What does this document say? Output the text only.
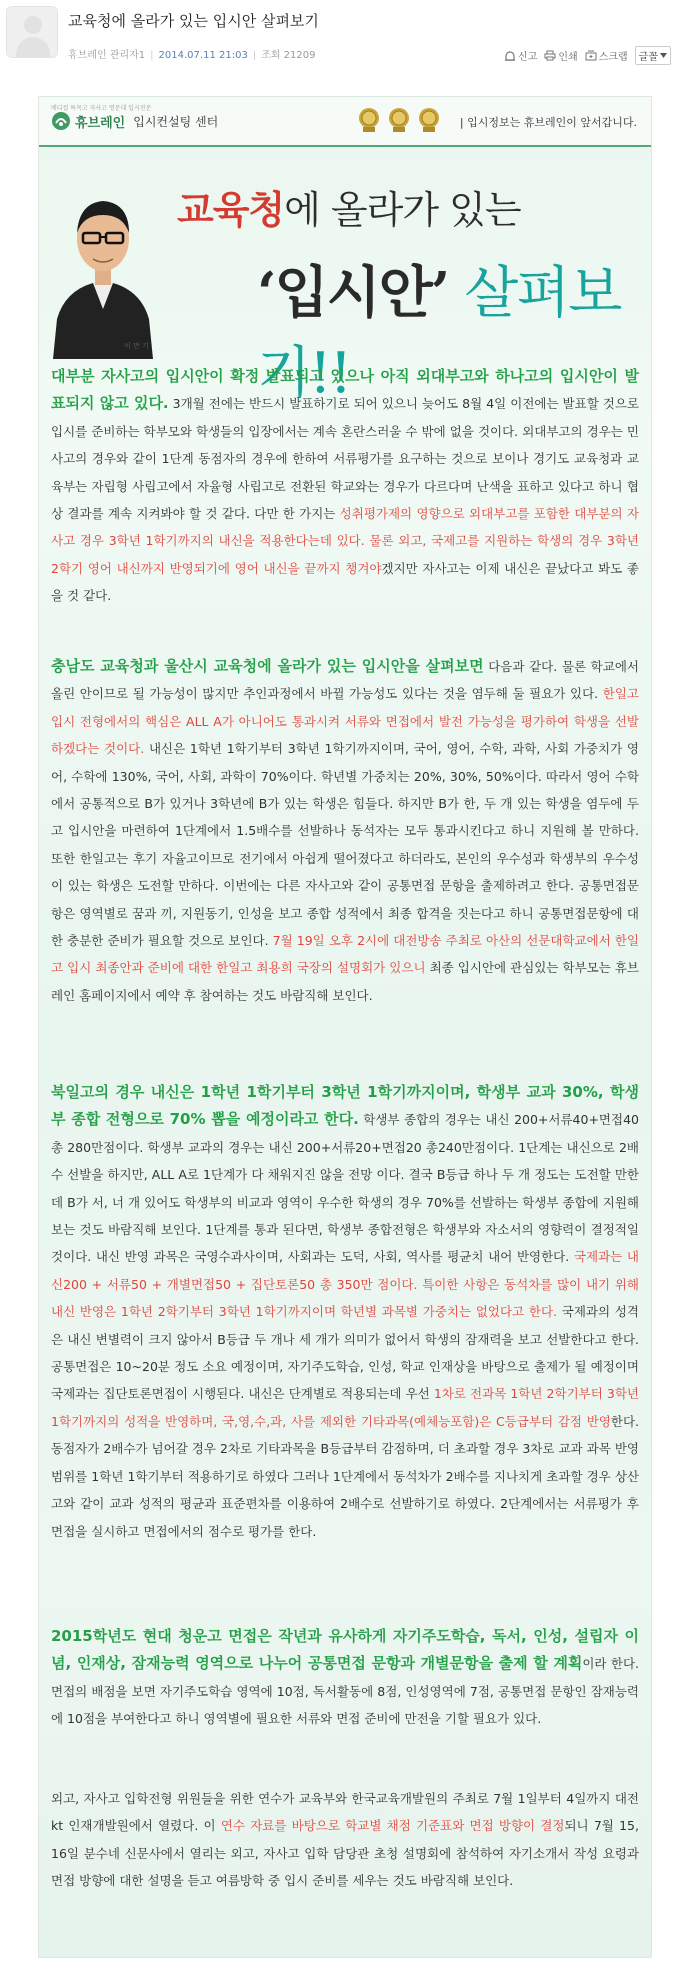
교육청에 올라가 있는 입시안 살펴보기
휴브레인 관리자1 | 2014.07.11 21:03 | 조회 21209	신고 인쇄 스크랩 글꼴
메디컬 특목고 자사고 명문대 입시전문
휴브레인 입시컨설팅 센터	| 입시정보는 휴브레인이 앞서갑니다.
이 만 기
교육청에 올라가 있는
‘입시안’ 살펴보기!!
대부분 자사고의 입시안이 확정 발표되고 있으나 아직 외대부고와 하나고의 입시안이 발표되지 않고 있다. 3개월 전에는 반드시 발표하기로 되어 있으니 늦어도 8월 4일 이전에는 발표할 것으로 입시를 준비하는 학부모와 학생들의 입장에서는 계속 혼란스러울 수 밖에 없을 것이다. 외대부고의 경우는 민사고의 경우와 같이 1단계 동점자의 경우에 한하여 서류평가를 요구하는 것으로 보이나 경기도 교육청과 교육부는 자립형 사립고에서 자율형 사립고로 전환된 학교와는 경우가 다르다며 난색을 표하고 있다고 하니 협상 결과를 계속 지켜봐야 할 것 같다. 다만 한 가지는 성취평가제의 영향으로 외대부고를 포함한 대부분의 자사고 경우 3학년 1학기까지의 내신을 적용한다는데 있다. 물론 외고, 국제고를 지원하는 학생의 경우 3학년 2학기 영어 내신까지 반영되기에 영어 내신을 끝까지 챙겨야겠지만 자사고는 이제 내신은 끝났다고 봐도 좋을 것 같다.
충남도 교육청과 울산시 교육청에 올라가 있는 입시안을 살펴보면 다음과 같다. 물론 학교에서 올린 안이므로 될 가능성이 많지만 추인과정에서 바뀔 가능성도 있다는 것을 염두해 둘 필요가 있다. 한일고 입시 전형에서의 핵심은 ALL A가 아니어도 통과시켜 서류와 면접에서 발전 가능성을 평가하여 학생을 선발하겠다는 것이다. 내신은 1학년 1학기부터 3학년 1학기까지이며, 국어, 영어, 수학, 과학, 사회 가중치가 영어, 수학에 130%, 국어, 사회, 과학이 70%이다. 학년별 가중치는 20%, 30%, 50%이다. 따라서 영어 수학에서 공통적으로 B가 있거나 3학년에 B가 있는 학생은 힘들다. 하지만 B가 한, 두 개 있는 학생을 염두에 두고 입시안을 마련하여 1단계에서 1.5배수를 선발하나 동석자는 모두 통과시킨다고 하니 지원해 볼 만하다. 또한 한일고는 후기 자율고이므로 전기에서 아쉽게 떨어졌다고 하더라도, 본인의 우수성과 학생부의 우수성이 있는 학생은 도전할 만하다. 이번에는 다른 자사고와 같이 공통면접 문항을 출제하려고 한다. 공통면접문항은 영역별로 꿈과 끼, 지원동기, 인성을 보고 종합 성적에서 최종 합격을 짓는다고 하니 공통면접문항에 대한 충분한 준비가 필요할 것으로 보인다. 7월 19일 오후 2시에 대전방송 주최로 아산의 선문대학교에서 한일고 입시 최종안과 준비에 대한 한일고 최용희 국장의 설명회가 있으니 최종 입시안에 관심있는 학부모는 휴브레인 홈페이지에서 예약 후 참여하는 것도 바람직해 보인다.
북일고의 경우 내신은 1학년 1학기부터 3학년 1학기까지이며, 학생부 교과 30%, 학생부 종합 전형으로 70% 뽑을 예정이라고 한다. 학생부 종합의 경우는 내신 200+서류40+면접40 총 280만점이다. 학생부 교과의 경우는 내신 200+서류20+면접20 총240만점이다. 1단계는 내신으로 2배수 선발을 하지만, ALL A로 1단계가 다 채워지진 않을 전망 이다. 결국 B등급 하나 두 개 정도는 도전할 만한데 B가 서, 너 개 있어도 학생부의 비교과 영역이 우수한 학생의 경우 70%를 선발하는 학생부 종합에 지원해 보는 것도 바람직해 보인다. 1단계를 통과 된다면, 학생부 종합전형은 학생부와 자소서의 영향력이 결정적일 것이다. 내신 반영 과목은 국영수과사이며, 사회과는 도덕, 사회, 역사를 평균치 내어 반영한다. 국제과는 내신200 + 서류50 + 개별면접50 + 집단토론50 총 350만 점이다. 특이한 사항은 동석차를 많이 내기 위해 내신 반영은 1학년 2학기부터 3학년 1학기까지이며 학년별 과목별 가중치는 없었다고 한다. 국제과의 성격은 내신 변별력이 크지 않아서 B등급 두 개나 세 개가 의미가 없어서 학생의 잠재력을 보고 선발한다고 한다. 공통면접은 10~20분 정도 소요 예정이며, 자기주도학습, 인성, 학교 인재상을 바탕으로 출제가 될 예정이며 국제과는 집단토론면접이 시행된다. 내신은 단계별로 적용되는데 우선 1차로 전과목 1학년 2학기부터 3학년 1학기까지의 성적을 반영하며, 국,영,수,과, 사를 제외한 기타과목(예체능포함)은 C등급부터 감점 반영한다. 동점자가 2배수가 넘어갈 경우 2차로 기타과목을 B등급부터 감점하며, 더 초과할 경우 3차로 교과 과목 반영 범위를 1학년 1학기부터 적용하기로 하였다 그러나 1단계에서 동석차가 2배수를 지나치게 초과할 경우 상산고와 같이 교과 성적의 평균과 표준편차를 이용하여 2배수로 선발하기로 하였다. 2단계에서는 서류평가 후 면접을 실시하고 면접에서의 점수로 평가를 한다.
2015학년도 현대 청운고 면접은 작년과 유사하게 자기주도학습, 독서, 인성, 설립자 이념, 인재상, 잠재능력 영역으로 나누어 공통면접 문항과 개별문항을 출제 할 계획이라 한다. 면접의 배점을 보면 자기주도학습 영역에 10점, 독서활동에 8점, 인성영역에 7점, 공통면접 문항인 잠재능력에 10점을 부여한다고 하니 영역별에 필요한 서류와 면접 준비에 만전을 기할 필요가 있다.
외고, 자사고 입학전형 위원들을 위한 연수가 교육부와 한국교육개발원의 주최로 7월 1일부터 4일까지 대전 kt 인재개발원에서 열렸다. 이 연수 자료를 바탕으로 학교별 채점 기준표와 면접 방향이 결정되니 7월 15, 16일 분수네 신문사에서 열리는 외고, 자사고 입학 담당관 초청 설명회에 참석하여 자기소개서 작성 요령과 면접 방향에 대한 설명을 듣고 여름방학 중 입시 준비를 세우는 것도 바람직해 보인다.
